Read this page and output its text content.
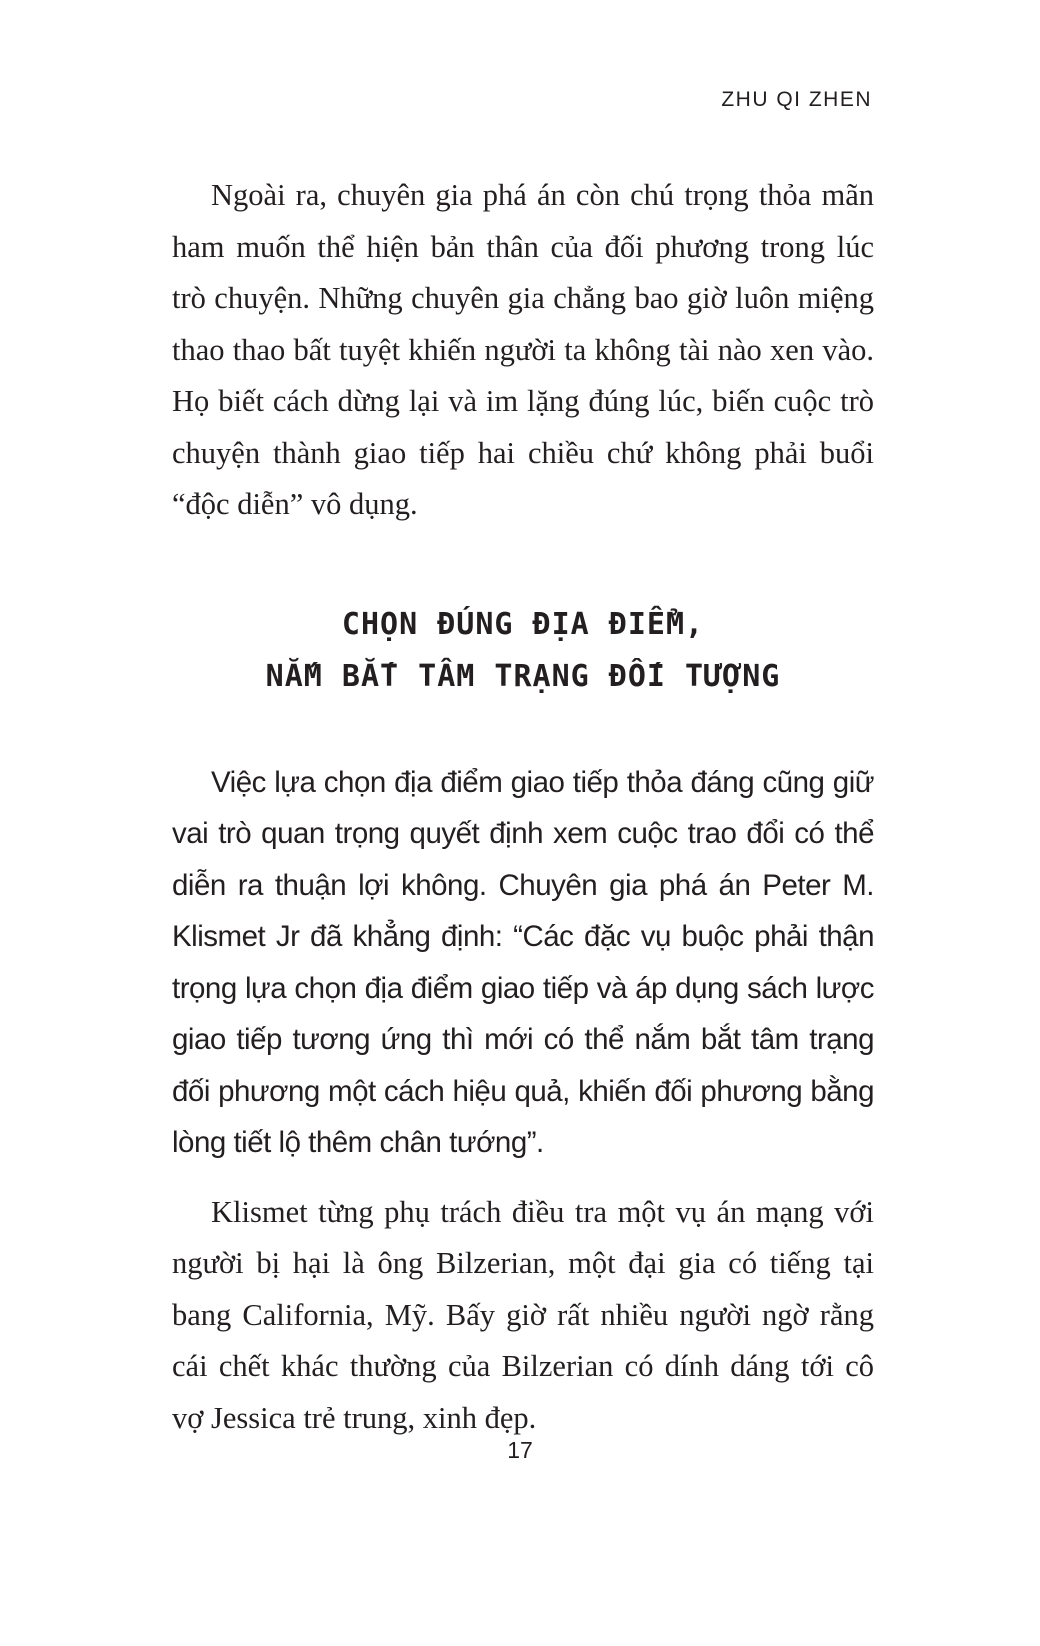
ZHU QI ZHEN

Ngoài ra, chuyên gia phá án còn chú trọng thỏa mãn ham muốn thể hiện bản thân của đối phương trong lúc trò chuyện. Những chuyên gia chẳng bao giờ luôn miệng thao thao bất tuyệt khiến người ta không tài nào xen vào. Họ biết cách dừng lại và im lặng đúng lúc, biến cuộc trò chuyện thành giao tiếp hai chiều chứ không phải buổi “độc diễn” vô dụng.

CHỌN ĐÚNG ĐỊA ĐIỂM,
NẮM BẮT TÂM TRẠNG ĐỐI TƯỢNG

Việc lựa chọn địa điểm giao tiếp thỏa đáng cũng giữ vai trò quan trọng quyết định xem cuộc trao đổi có thể diễn ra thuận lợi không. Chuyên gia phá án Peter M. Klismet Jr đã khẳng định: “Các đặc vụ buộc phải thận trọng lựa chọn địa điểm giao tiếp và áp dụng sách lược giao tiếp tương ứng thì mới có thể nắm bắt tâm trạng đối phương một cách hiệu quả, khiến đối phương bằng lòng tiết lộ thêm chân tướng”.

Klismet từng phụ trách điều tra một vụ án mạng với người bị hại là ông Bilzerian, một đại gia có tiếng tại bang California, Mỹ. Bấy giờ rất nhiều người ngờ rằng cái chết khác thường của Bilzerian có dính dáng tới cô vợ Jessica trẻ trung, xinh đẹp.

17
